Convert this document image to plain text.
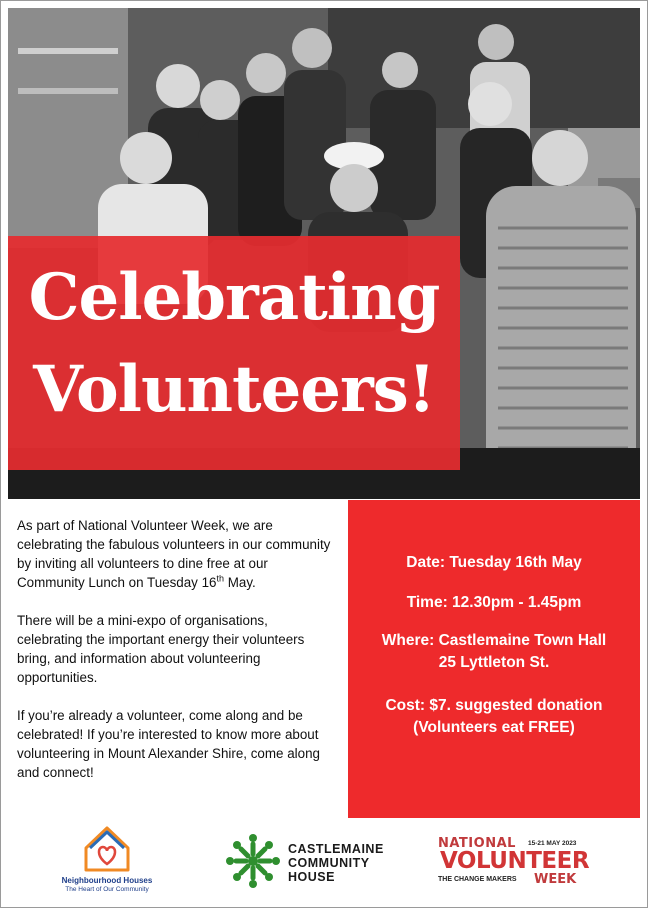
Celebrating
Volunteers!

As part of National Volunteer Week, we are celebrating the fabulous volunteers in our community by inviting all volunteers to dine free at our Community Lunch on Tuesday 16th May.

There will be a mini-expo of organisations, celebrating the important energy their volunteers bring, and information about volunteering opportunities.

If you’re already a volunteer, come along and be celebrated! If you’re interested to know more about volunteering in Mount Alexander Shire, come along and connect!

Date: Tuesday 16th May
Time: 12.30pm - 1.45pm
Where: Castlemaine Town Hall
25 Lyttleton St.
Cost: $7. suggested donation
(Volunteers eat FREE)
Neighbourhood Houses
The Heart of Our Community
CASTLEMAINE
COMMUNITY
HOUSE
NATIONAL 15-21 MAY 2023
VOLUNTEER
THE CHANGE MAKERS WEEK
